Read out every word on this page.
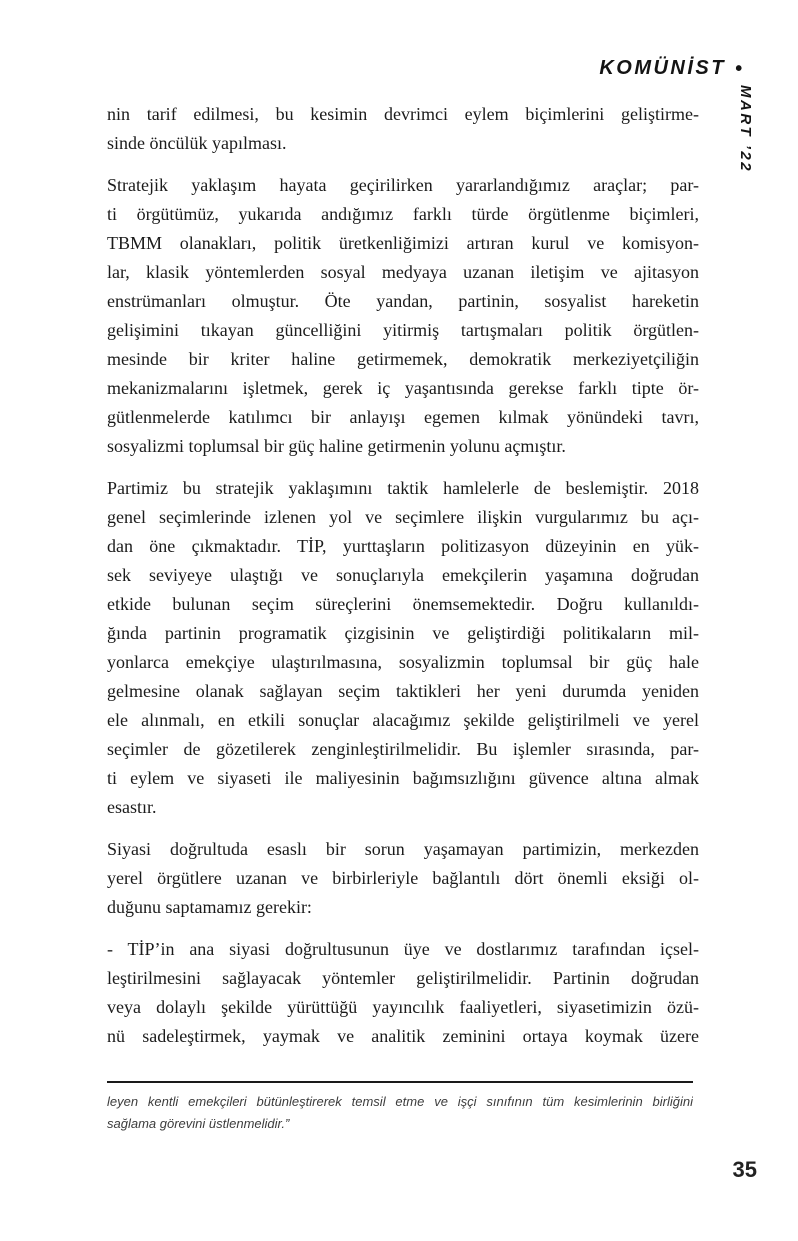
KOMÜNİST •
MART ’22
nin tarif edilmesi, bu kesimin devrimci eylem biçimlerini geliştirme-
sinde öncülük yapılması.
Stratejik yaklaşım hayata geçirilirken yararlandığımız araçlar; par-
ti örgütümüz, yukarıda andığımız farklı türde örgütlenme biçimleri,
TBMM olanakları, politik üretkenliğimizi artıran kurul ve komisyon-
lar, klasik yöntemlerden sosyal medyaya uzanan iletişim ve ajitasyon
enstrümanları olmuştur. Öte yandan, partinin, sosyalist hareketin
gelişimini tıkayan güncelliğini yitirmiş tartışmaları politik örgütlen-
mesinde bir kriter haline getirmemek, demokratik merkeziyetçiliğin
mekanizmalarını işletmek, gerek iç yaşantısında gerekse farklı tipte ör-
gütlenmelerde katılımcı bir anlayışı egemen kılmak yönündeki tavrı,
sosyalizmi toplumsal bir güç haline getirmenin yolunu açmıştır.
Partimiz bu stratejik yaklaşımını taktik hamlelerle de beslemiştir. 2018
genel seçimlerinde izlenen yol ve seçimlere ilişkin vurgularımız bu açı-
dan öne çıkmaktadır. TİP, yurttaşların politizasyon düzeyinin en yük-
sek seviyeye ulaştığı ve sonuçlarıyla emekçilerin yaşamına doğrudan
etkide bulunan seçim süreçlerini önemsemektedir. Doğru kullanıldı-
ğında partinin programatik çizgisinin ve geliştirdiği politikaların mil-
yonlarca emekçiye ulaştırılmasına, sosyalizmin toplumsal bir güç hale
gelmesine olanak sağlayan seçim taktikleri her yeni durumda yeniden
ele alınmalı, en etkili sonuçlar alacağımız şekilde geliştirilmeli ve yerel
seçimler de gözetilerek zenginleştirilmelidir. Bu işlemler sırasında, par-
ti eylem ve siyaseti ile maliyesinin bağımsızlığını güvence altına almak
esastır.
Siyasi doğrultuda esaslı bir sorun yaşamayan partimizin, merkezden
yerel örgütlere uzanan ve birbirleriyle bağlantılı dört önemli eksiği ol-
duğunu saptamamız gerekir:
- TİP’in ana siyasi doğrultusunun üye ve dostlarımız tarafından içsel-
leştirilmesini sağlayacak yöntemler geliştirilmelidir. Partinin doğrudan
veya dolaylı şekilde yürüttüğü yayıncılık faaliyetleri, siyasetimizin özü-
nü sadeleştirmek, yaymak ve analitik zeminini ortaya koymak üzere
leyen kentli emekçileri bütünleştirerek temsil etme ve işçi sınıfının tüm kesimlerinin birliğini
sağlama görevini üstlenmelidir.”
35
